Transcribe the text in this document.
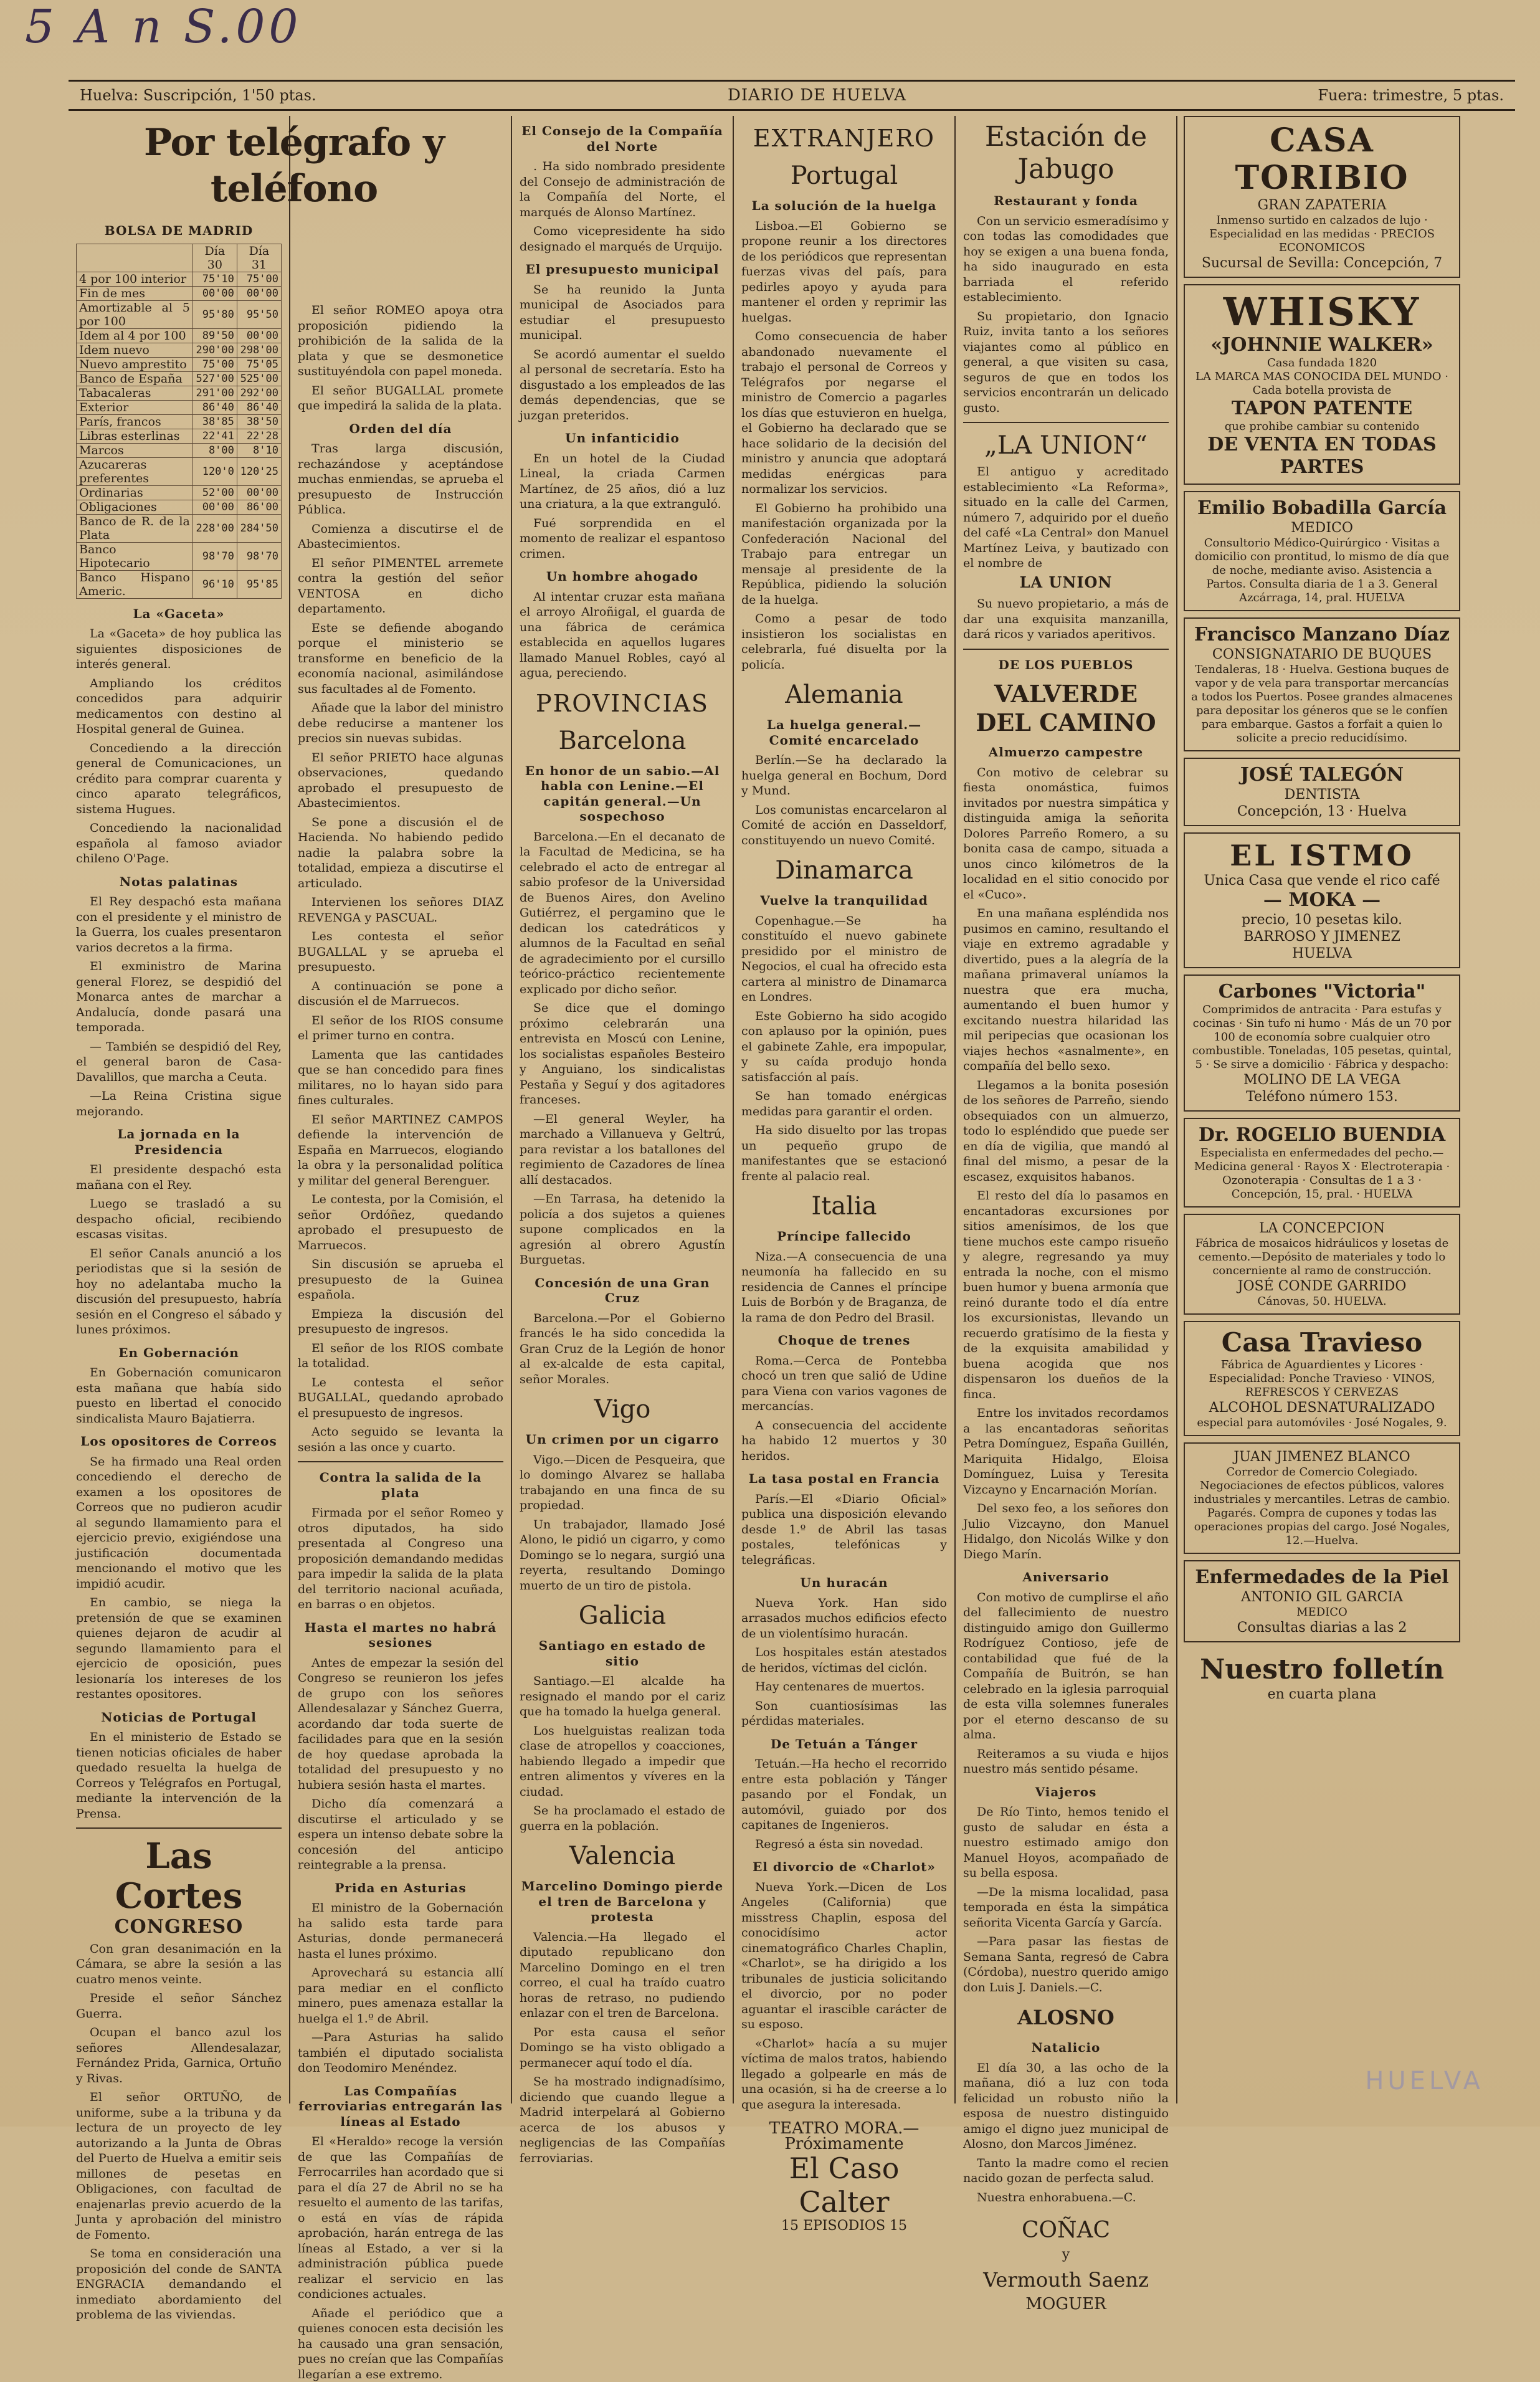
5 A n S.00
Huelva: Suscripción, 1'50 ptas.	DIARIO DE HUELVA	Fuera: trimestre, 5 ptas.
Por telégrafo y teléfono
BOLSA DE MADRID
	Día 30	Día 31
4 por 100 interior	75'10	75'00
Fin de mes	00'00	00'00
Amortizable al 5 por 100	95'80	95'50
Idem al 4 por 100	89'50	00'00
Idem nuevo	290'00	298'00
Nuevo amprestito	75'00	75'05
Banco de España	527'00	525'00
Tabacaleras	291'00	292'00
Exterior	86'40	86'40
París, francos	38'85	38'50
Libras esterlinas	22'41	22'28
Marcos	8'00	8'10
Azucareras preferentes	120'0	120'25
Ordinarias	52'00	00'00
Obligaciones	00'00	86'00
Banco de R. de la Plata	228'00	284'50
Banco Hipotecario	98'70	98'70
Banco Hispano Americ.	96'10	95'85
La «Gaceta»

La «Gaceta» de hoy publica las siguientes disposiciones de interés general.

Ampliando los créditos concedidos para adquirir medicamentos con destino al Hospital general de Guinea.

Concediendo a la dirección general de Comunicaciones, un crédito para comprar cuarenta y cinco aparato telegráficos, sistema Hugues.

Concediendo la nacionalidad española al famoso aviador chileno O'Page.

Notas palatinas

El Rey despachó esta mañana con el presidente y el ministro de la Guerra, los cuales presentaron varios decretos a la firma.

El exministro de Marina general Florez, se despidió del Monarca antes de marchar a Andalucía, donde pasará una temporada.

— También se despidió del Rey, el general baron de Casa-Davalillos, que marcha a Ceuta.

—La Reina Cristina sigue mejorando.

La jornada en la Presidencia

El presidente despachó esta mañana con el Rey.

Luego se trasladó a su despacho oficial, recibiendo escasas visitas.

El señor Canals anunció a los periodistas que si la sesión de hoy no adelantaba mucho la discusión del presupuesto, habría sesión en el Congreso el sábado y lunes próximos.

En Gobernación

En Gobernación comunicaron esta mañana que había sido puesto en libertad el conocido sindicalista Mauro Bajatierra.

Los opositores de Correos

Se ha firmado una Real orden concediendo el derecho de examen a los opositores de Correos que no pudieron acudir al segundo llamamiento para el ejercicio previo, exigiéndose una justificación documentada mencionando el motivo que les impidió acudir.

En cambio, se niega la pretensión de que se examinen quienes dejaron de acudir al segundo llamamiento para el ejercicio de oposición, pues lesionaría los intereses de los restantes opositores.

Noticias de Portugal

En el ministerio de Estado se tienen noticias oficiales de haber quedado resuelta la huelga de Correos y Telégrafos en Portugal, mediante la intervención de la Prensa.

Las Cortes
CONGRESO

Con gran desanimación en la Cámara, se abre la sesión a las cuatro menos veinte.

Preside el señor Sánchez Guerra.

Ocupan el banco azul los señores Allendesalazar, Fernández Prida, Garnica, Ortuño y Rivas.

El señor ORTUÑO, de uniforme, sube a la tribuna y da lectura de un proyecto de ley autorizando a la Junta de Obras del Puerto de Huelva a emitir seis millones de pesetas en Obligaciones, con facultad de enajenarlas previo acuerdo de la Junta y aprobación del ministro de Fomento.

Se toma en consideración una proposición del conde de SANTA ENGRACIA demandando el inmediato abordamiento del problema de las viviendas.

El señor ROMEO apoya otra proposición pidiendo la prohibición de la salida de la plata y que se desmonetice sustituyéndola con papel moneda.

El señor BUGALLAL promete que impedirá la salida de la plata.

Orden del día

Tras larga discusión, rechazándose y aceptándose muchas enmiendas, se aprueba el presupuesto de Instrucción Pública.

Comienza a discutirse el de Abastecimientos.

El señor PIMENTEL arremete contra la gestión del señor VENTOSA en dicho departamento.

Este se defiende abogando porque el ministerio se transforme en beneficio de la economía nacional, asimilándose sus facultades al de Fomento.

Añade que la labor del ministro debe reducirse a mantener los precios sin nuevas subidas.

El señor PRIETO hace algunas observaciones, quedando aprobado el presupuesto de Abastecimientos.

Se pone a discusión el de Hacienda. No habiendo pedido nadie la palabra sobre la totalidad, empieza a discutirse el articulado.

Intervienen los señores DIAZ REVENGA y PASCUAL.

Les contesta el señor BUGALLAL y se aprueba el presupuesto.

A continuación se pone a discusión el de Marruecos.

El señor de los RIOS consume el primer turno en contra.

Lamenta que las cantidades que se han concedido para fines militares, no lo hayan sido para fines culturales.

El señor MARTINEZ CAMPOS defiende la intervención de España en Marruecos, elogiando la obra y la personalidad política y militar del general Berenguer.

Le contesta, por la Comisión, el señor Ordóñez, quedando aprobado el presupuesto de Marruecos.

Sin discusión se aprueba el presupuesto de la Guinea española.

Empieza la discusión del presupuesto de ingresos.

El señor de los RIOS combate la totalidad.

Le contesta el señor BUGALLAL, quedando aprobado el presupuesto de ingresos.

Acto seguido se levanta la sesión a las once y cuarto.

Contra la salida de la plata

Firmada por el señor Romeo y otros diputados, ha sido presentada al Congreso una proposición demandando medidas para impedir la salida de la plata del territorio nacional acuñada, en barras o en objetos.

Hasta el martes no habrá sesiones

Antes de empezar la sesión del Congreso se reunieron los jefes de grupo con los señores Allendesalazar y Sánchez Guerra, acordando dar toda suerte de facilidades para que en la sesión de hoy quedase aprobada la totalidad del presupuesto y no hubiera sesión hasta el martes.

Dicho día comenzará a discutirse el articulado y se espera un intenso debate sobre la concesión del anticipo reintegrable a la prensa.

Prida en Asturias

El ministro de la Gobernación ha salido esta tarde para Asturias, donde permanecerá hasta el lunes próximo.

Aprovechará su estancia allí para mediar en el conflicto minero, pues amenaza estallar la huelga el 1.º de Abril.

—Para Asturias ha salido también el diputado socialista don Teodomiro Menéndez.

Las Compañías ferroviarias entregarán las líneas al Estado

El «Heraldo» recoge la versión de que las Compañías de Ferrocarriles han acordado que si para el día 27 de Abril no se ha resuelto el aumento de las tarifas, o está en vías de rápida aprobación, harán entrega de las líneas al Estado, a ver si la administración pública puede realizar el servicio en las condiciones actuales.

Añade el periódico que a quienes conocen esta decisión les ha causado una gran sensación, pues no creían que las Compañías llegarían a ese extremo.

El Consejo de la Compañía del Norte

. Ha sido nombrado presidente del Consejo de administración de la Compañía del Norte, el marqués de Alonso Martínez.

Como vicepresidente ha sido designado el marqués de Urquijo.

El presupuesto municipal

Se ha reunido la Junta municipal de Asociados para estudiar el presupuesto municipal.

Se acordó aumentar el sueldo al personal de secretaría. Esto ha disgustado a los empleados de las demás dependencias, que se juzgan preteridos.

Un infanticidio

En un hotel de la Ciudad Lineal, la criada Carmen Martínez, de 25 años, dió a luz una criatura, a la que extranguló.

Fué sorprendida en el momento de realizar el espantoso crimen.

Un hombre ahogado

Al intentar cruzar esta mañana el arroyo Alroñigal, el guarda de una fábrica de cerámica establecida en aquellos lugares llamado Manuel Robles, cayó al agua, pereciendo.

PROVINCIAS
Barcelona
En honor de un sabio.—Al habla con Lenine.—El capitán general.—Un sospechoso

Barcelona.—En el decanato de la Facultad de Medicina, se ha celebrado el acto de entregar al sabio profesor de la Universidad de Buenos Aires, don Avelino Gutiérrez, el pergamino que le dedican los catedráticos y alumnos de la Facultad en señal de agradecimiento por el cursillo teórico-práctico recientemente explicado por dicho señor.

Se dice que el domingo próximo celebrarán una entrevista en Moscú con Lenine, los socialistas españoles Besteiro y Anguiano, los sindicalistas Pestaña y Seguí y dos agitadores franceses.

—El general Weyler, ha marchado a Villanueva y Geltrú, para revistar a los batallones del regimiento de Cazadores de línea allí destacados.

—En Tarrasa, ha detenido la policía a dos sujetos a quienes supone complicados en la agresión al obrero Agustín Burguetas.

Concesión de una Gran Cruz

Barcelona.—Por el Gobierno francés le ha sido concedida la Gran Cruz de la Legión de honor al ex-alcalde de esta capital, señor Morales.

Vigo
Un crimen por un cigarro

Vigo.—Dicen de Pesqueira, que lo domingo Alvarez se hallaba trabajando en una finca de su propiedad.

Un trabajador, llamado José Alono, le pidió un cigarro, y como Domingo se lo negara, surgió una reyerta, resultando Domingo muerto de un tiro de pistola.

Galicia
Santiago en estado de sitio

Santiago.—El alcalde ha resignado el mando por el cariz que ha tomado la huelga general.

Los huelguistas realizan toda clase de atropellos y coacciones, habiendo llegado a impedir que entren alimentos y víveres en la ciudad.

Se ha proclamado el estado de guerra en la población.

Valencia
Marcelino Domingo pierde el tren de Barcelona y protesta

Valencia.—Ha llegado el diputado republicano don Marcelino Domingo en el tren correo, el cual ha traído cuatro horas de retraso, no pudiendo enlazar con el tren de Barcelona.

Por esta causa el señor Domingo se ha visto obligado a permanecer aquí todo el día.

Se ha mostrado indignadísimo, diciendo que cuando llegue a Madrid interpelará al Gobierno acerca de los abusos y negligencias de las Compañías ferroviarias.

EXTRANJERO
Portugal
La solución de la huelga

Lisboa.—El Gobierno se propone reunir a los directores de los periódicos que representan fuerzas vivas del país, para pedirles apoyo y ayuda para mantener el orden y reprimir las huelgas.

Como consecuencia de haber abandonado nuevamente el trabajo el personal de Correos y Telégrafos por negarse el ministro de Comercio a pagarles los días que estuvieron en huelga, el Gobierno ha declarado que se hace solidario de la decisión del ministro y anuncia que adoptará medidas enérgicas para normalizar los servicios.

El Gobierno ha prohibido una manifestación organizada por la Confederación Nacional del Trabajo para entregar un mensaje al presidente de la República, pidiendo la solución de la huelga.

Como a pesar de todo insistieron los socialistas en celebrarla, fué disuelta por la policía.

Alemania
La huelga general.—Comité encarcelado

Berlín.—Se ha declarado la huelga general en Bochum, Dord y Mund.

Los comunistas encarcelaron al Comité de acción en Dasseldorf, constituyendo un nuevo Comité.

Dinamarca
Vuelve la tranquilidad

Copenhague.—Se ha constituído el nuevo gabinete presidido por el ministro de Negocios, el cual ha ofrecido esta cartera al ministro de Dinamarca en Londres.

Este Gobierno ha sido acogido con aplauso por la opinión, pues el gabinete Zahle, era impopular, y su caída produjo honda satisfacción al país.

Se han tomado enérgicas medidas para garantir el orden.

Ha sido disuelto por las tropas un pequeño grupo de manifestantes que se estacionó frente al palacio real.

Italia
Príncipe fallecido

Niza.—A consecuencia de una neumonía ha fallecido en su residencia de Cannes el príncipe Luis de Borbón y de Braganza, de la rama de don Pedro del Brasil.

Choque de trenes

Roma.—Cerca de Pontebba chocó un tren que salió de Udine para Viena con varios vagones de mercancías.

A consecuencia del accidente ha habido 12 muertos y 30 heridos.

La tasa postal en Francia

París.—El «Diario Oficial» publica una disposición elevando desde 1.º de Abril las tasas postales, telefónicas y telegráficas.

Un huracán

Nueva York. Han sido arrasados muchos edificios efecto de un violentísimo huracán.

Los hospitales están atestados de heridos, víctimas del ciclón.

Hay centenares de muertos.

Son cuantiosísimas las pérdidas materiales.

De Tetuán a Tánger

Tetuán.—Ha hecho el recorrido entre esta población y Tánger pasando por el Fondak, un automóvil, guiado por dos capitanes de Ingenieros.

Regresó a ésta sin novedad.

El divorcio de «Charlot»

Nueva York.—Dicen de Los Angeles (California) que misstress Chaplin, esposa del conocidísimo actor cinematográfico Charles Chaplin, «Charlot», se ha dirigido a los tribunales de justicia solicitando el divorcio, por no poder aguantar el irascible carácter de su esposo.

«Charlot» hacía a su mujer víctima de malos tratos, habiendo llegado a golpearle en más de una ocasión, si ha de creerse a lo que asegura la interesada.

TEATRO MORA.—Próximamente
El Caso Calter
15 EPISODIOS 15
Estación de Jabugo
Restaurant y fonda

Con un servicio esmeradísimo y con todas las comodidades que hoy se exigen a una buena fonda, ha sido inaugurado en esta barriada el referido establecimiento.

Su propietario, don Ignacio Ruiz, invita tanto a los señores viajantes como al público en general, a que visiten su casa, seguros de que en todos los servicios encontrarán un delicado gusto.

„LA UNION“

El antiguo y acreditado establecimiento «La Reforma», situado en la calle del Carmen, número 7, adquirido por el dueño del café «La Central» don Manuel Martínez Leiva, y bautizado con el nombre de

LA UNION

Su nuevo propietario, a más de dar una exquisita manzanilla, dará ricos y variados aperitivos.

DE LOS PUEBLOS
VALVERDE DEL CAMINO
Almuerzo campestre

Con motivo de celebrar su fiesta onomástica, fuimos invitados por nuestra simpática y distinguida amiga la señorita Dolores Parreño Romero, a su bonita casa de campo, situada a unos cinco kilómetros de la localidad en el sitio conocido por el «Cuco».

En una mañana espléndida nos pusimos en camino, resultando el viaje en extremo agradable y divertido, pues a la alegría de la mañana primaveral uníamos la nuestra que era mucha, aumentando el buen humor y excitando nuestra hilaridad las mil peripecias que ocasionan los viajes hechos «asnalmente», en compañía del bello sexo.

Llegamos a la bonita posesión de los señores de Parreño, siendo obsequiados con un almuerzo, todo lo espléndido que puede ser en día de vigilia, que mandó al final del mismo, a pesar de la escasez, exquisitos habanos.

El resto del día lo pasamos en encantadoras excursiones por sitios amenísimos, de los que tiene muchos este campo risueño y alegre, regresando ya muy entrada la noche, con el mismo buen humor y buena armonía que reinó durante todo el día entre los excursionistas, llevando un recuerdo gratísimo de la fiesta y de la exquisita amabilidad y buena acogida que nos dispensaron los dueños de la finca.

Entre los invitados recordamos a las encantadoras señoritas Petra Domínguez, España Guillén, Mariquita Hidalgo, Eloisa Domínguez, Luisa y Teresita Vizcayno y Encarnación Morían.

Del sexo feo, a los señores don Julio Vizcayno, don Manuel Hidalgo, don Nicolás Wilke y don Diego Marín.

Aniversario

Con motivo de cumplirse el año del fallecimiento de nuestro distinguido amigo don Guillermo Rodríguez Contioso, jefe de contabilidad que fué de la Compañía de Buitrón, se han celebrado en la iglesia parroquial de esta villa solemnes funerales por el eterno descanso de su alma.

Reiteramos a su viuda e hijos nuestro más sentido pésame.

Viajeros

De Río Tinto, hemos tenido el gusto de saludar en ésta a nuestro estimado amigo don Manuel Hoyos, acompañado de su bella esposa.

—De la misma localidad, pasa temporada en ésta la simpática señorita Vicenta García y García.

—Para pasar las fiestas de Semana Santa, regresó de Cabra (Córdoba), nuestro querido amigo don Luis J. Daniels.—C.

ALOSNO
Natalicio

El día 30, a las ocho de la mañana, dió a luz con toda felicidad un robusto niño la esposa de nuestro distinguido amigo el digno juez municipal de Alosno, don Marcos Jiménez.

Tanto la madre como el recien nacido gozan de perfecta salud.

Nuestra enhorabuena.—C.

COÑAC
y
Vermouth Saenz
MOGUER
CASA TORIBIO
GRAN ZAPATERIA
Inmenso surtido en calzados de lujo · Especialidad en las medidas · PRECIOS ECONOMICOS
Sucursal de Sevilla: Concepción, 7
WHISKY
«JOHNNIE WALKER»
Casa fundada 1820
LA MARCA MAS CONOCIDA DEL MUNDO · Cada botella provista de
TAPON PATENTE
que prohibe cambiar su contenido
DE VENTA EN TODAS PARTES
Emilio Bobadilla García
MEDICO
Consultorio Médico-Quirúrgico · Visitas a domicilio con prontitud, lo mismo de día que de noche, mediante aviso. Asistencia a Partos. Consulta diaria de 1 a 3. General Azcárraga, 14, pral. HUELVA
Francisco Manzano Díaz
CONSIGNATARIO DE BUQUES
Tendaleras, 18 · Huelva. Gestiona buques de vapor y de vela para transportar mercancías a todos los Puertos. Posee grandes almacenes para depositar los géneros que se le confíen para embarque. Gastos a forfait a quien lo solicite a precio reducidísimo.
JOSÉ TALEGÓN
DENTISTA
Concepción, 13 · Huelva
EL ISTMO
Unica Casa que vende el rico café
— MOKA —
precio, 10 pesetas kilo.
BARROSO Y JIMENEZ
HUELVA
Carbones "Victoria"
Comprimidos de antracita · Para estufas y cocinas · Sin tufo ni humo · Más de un 70 por 100 de economía sobre cualquier otro combustible. Toneladas, 105 pesetas, quintal, 5 · Se sirve a domicilio · Fábrica y despacho:
MOLINO DE LA VEGA
Teléfono número 153.
Dr. ROGELIO BUENDIA
Especialista en enfermedades del pecho.—Medicina general · Rayos X · Electroterapia · Ozonoterapia · Consultas de 1 a 3 · Concepción, 15, pral. · HUELVA
LA CONCEPCION
Fábrica de mosaicos hidráulicos y losetas de cemento.—Depósito de materiales y todo lo concerniente al ramo de construcción.
JOSÉ CONDE GARRIDO
Cánovas, 50. HUELVA.
Casa Travieso
Fábrica de Aguardientes y Licores · Especialidad: Ponche Travieso · VINOS, REFRESCOS Y CERVEZAS
ALCOHOL DESNATURALIZADO
especial para automóviles · José Nogales, 9.
JUAN JIMENEZ BLANCO
Corredor de Comercio Colegiado. Negociaciones de efectos públicos, valores industriales y mercantiles. Letras de cambio. Pagarés. Compra de cupones y todas las operaciones propias del cargo. José Nogales, 12.—Huelva.
Enfermedades de la Piel
ANTONIO GIL GARCIA
MEDICO
Consultas diarias a las 2
Nuestro folletín
en cuarta plana
HUELVA
